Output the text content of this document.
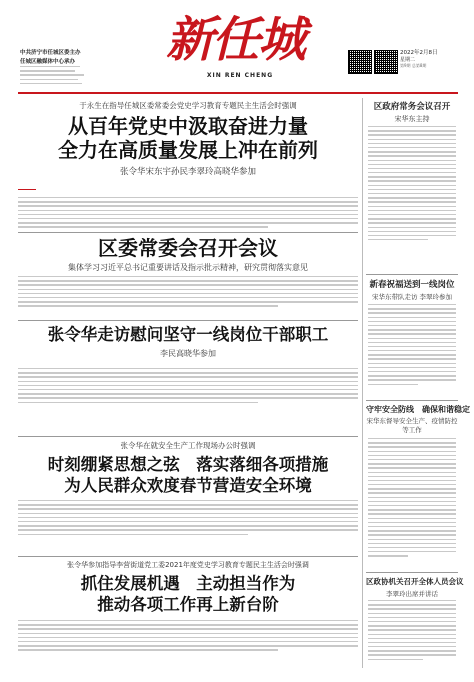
中共济宁市任城区委主办
任城区融媒体中心承办	新任城
XIN REN CHENG
2022年2月8日
星期二
第9期 总第8期
于永生在指导任城区委常委会党史学习教育专题民主生活会时强调
从百年党史中汲取奋进力量
全力在高质量发展上冲在前列
张令华宋东宇孙民李翠玲高晓华参加
区委常委会召开会议
集体学习习近平总书记重要讲话及指示批示精神，研究贯彻落实意见
张令华走访慰问坚守一线岗位干部职工
李民高晓华参加
张令华在就安全生产工作现场办公时强调
时刻绷紧思想之弦　落实落细各项措施
为人民群众欢度春节营造安全环境
张令华参加指导李营街道党工委2021年度党史学习教育专题民主生活会时强调
抓住发展机遇　主动担当作为
推动各项工作再上新台阶
区政府常务会议召开
宋华东主持
新春祝福送到一线岗位
宋华东带队走访 李翠玲参加
守牢安全防线　确保和谐稳定
宋华东督导安全生产、疫情防控等工作
区政协机关召开全体人员会议
李翠玲出席并讲话
